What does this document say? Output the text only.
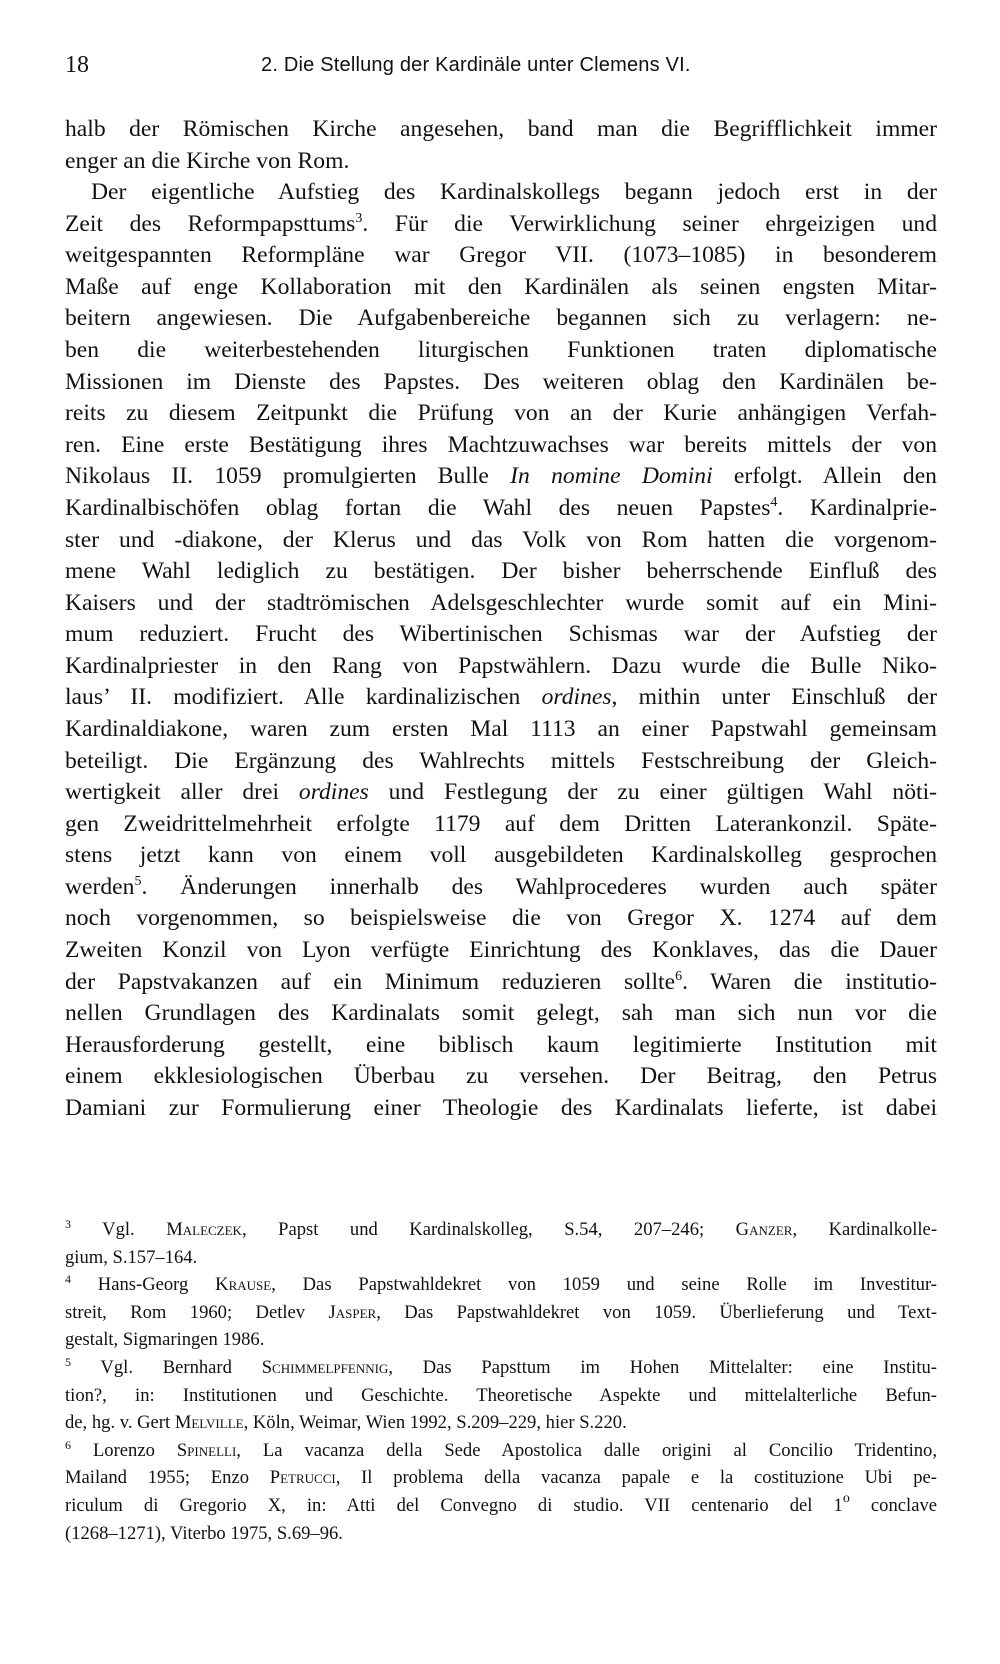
18	2. Die Stellung der Kardinäle unter Clemens VI.
halb der Römischen Kirche angesehen, band man die Begrifflichkeit immer
enger an die Kirche von Rom.
Der eigentliche Aufstieg des Kardinalskollegs begann jedoch erst in der
Zeit des Reformpapsttums$^3$. Für die Verwirklichung seiner ehrgeizigen und
weitgespannten Reformpläne war Gregor VII. (1073–1085) in besonderem
Maße auf enge Kollaboration mit den Kardinälen als seinen engsten Mitar-
beitern angewiesen. Die Aufgabenbereiche begannen sich zu verlagern: ne-
ben die weiterbestehenden liturgischen Funktionen traten diplomatische
Missionen im Dienste des Papstes. Des weiteren oblag den Kardinälen be-
reits zu diesem Zeitpunkt die Prüfung von an der Kurie anhängigen Verfah-
ren. Eine erste Bestätigung ihres Machtzuwachses war bereits mittels der von
Nikolaus II. 1059 promulgierten Bulle In nomine Domini erfolgt. Allein den
Kardinalbischöfen oblag fortan die Wahl des neuen Papstes$^4$. Kardinalprie-
ster und -diakone, der Klerus und das Volk von Rom hatten die vorgenom-
mene Wahl lediglich zu bestätigen. Der bisher beherrschende Einfluß des
Kaisers und der stadtrömischen Adelsgeschlechter wurde somit auf ein Mini-
mum reduziert. Frucht des Wibertinischen Schismas war der Aufstieg der
Kardinalpriester in den Rang von Papstwählern. Dazu wurde die Bulle Niko-
laus’ II. modifiziert. Alle kardinalizischen ordines, mithin unter Einschluß der
Kardinaldiakone, waren zum ersten Mal 1113 an einer Papstwahl gemeinsam
beteiligt. Die Ergänzung des Wahlrechts mittels Festschreibung der Gleich-
wertigkeit aller drei ordines und Festlegung der zu einer gültigen Wahl nöti-
gen Zweidrittelmehrheit erfolgte 1179 auf dem Dritten Laterankonzil. Späte-
stens jetzt kann von einem voll ausgebildeten Kardinalskolleg gesprochen
werden$^5$. Änderungen innerhalb des Wahlprocederes wurden auch später
noch vorgenommen, so beispielsweise die von Gregor X. 1274 auf dem
Zweiten Konzil von Lyon verfügte Einrichtung des Konklaves, das die Dauer
der Papstvakanzen auf ein Minimum reduzieren sollte$^6$. Waren die institutio-
nellen Grundlagen des Kardinalats somit gelegt, sah man sich nun vor die
Herausforderung gestellt, eine biblisch kaum legitimierte Institution mit
einem ekklesiologischen Überbau zu versehen. Der Beitrag, den Petrus
Damiani zur Formulierung einer Theologie des Kardinalats lieferte, ist dabei
$^3$ Vgl. Maleczek, Papst und Kardinalskolleg, S.54, 207–246; Ganzer, Kardinalkolle-
gium, S.157–164.
$^4$ Hans-Georg Krause, Das Papstwahldekret von 1059 und seine Rolle im Investitur-
streit, Rom 1960; Detlev Jasper, Das Papstwahldekret von 1059. Überlieferung und Text-
gestalt, Sigmaringen 1986.
$^5$ Vgl. Bernhard Schimmelpfennig, Das Papsttum im Hohen Mittelalter: eine Institu-
tion?, in: Institutionen und Geschichte. Theoretische Aspekte und mittelalterliche Befun-
de, hg. v. Gert Melville, Köln, Weimar, Wien 1992, S.209–229, hier S.220.
$^6$ Lorenzo Spinelli, La vacanza della Sede Apostolica dalle origini al Concilio Tridentino,
Mailand 1955; Enzo Petrucci, Il problema della vacanza papale e la costituzione Ubi pe-
riculum di Gregorio X, in: Atti del Convegno di studio. VII centenario del 1$^o$ conclave
(1268–1271), Viterbo 1975, S.69–96.
